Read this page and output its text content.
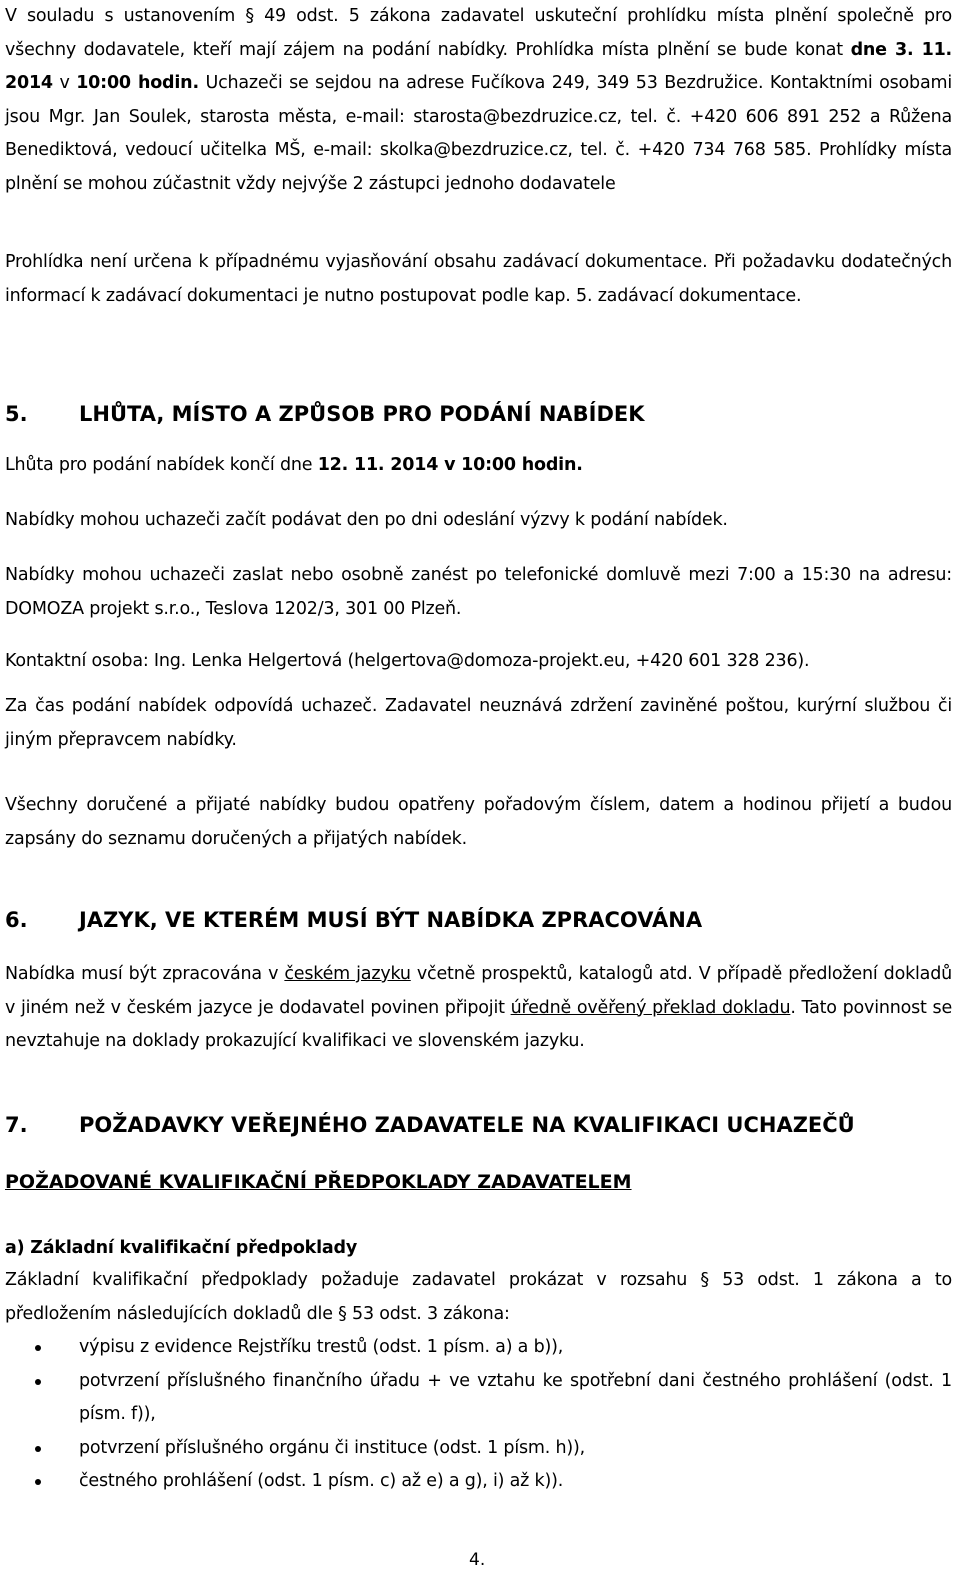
V souladu s ustanovením § 49 odst. 5 zákona zadavatel uskuteční prohlídku místa plnění společně pro všechny dodavatele, kteří mají zájem na podání nabídky. Prohlídka místa plnění se bude konat dne 3. 11. 2014 v 10:00 hodin. Uchazeči se sejdou na adrese Fučíkova 249, 349 53 Bezdružice. Kontaktními osobami jsou Mgr. Jan Soulek, starosta města, e-mail: starosta@bezdruzice.cz, tel. č. +420 606 891 252 a Růžena Benediktová, vedoucí učitelka MŠ, e-mail: skolka@bezdruzice.cz, tel. č. +420 734 768 585. Prohlídky místa plnění se mohou zúčastnit vždy nejvýše 2 zástupci jednoho dodavatele
Prohlídka není určena k případnému vyjasňování obsahu zadávací dokumentace. Při požadavku dodatečných informací k zadávací dokumentaci je nutno postupovat podle kap. 5. zadávací dokumentace.
5. LHŮTA, MÍSTO A ZPŮSOB PRO PODÁNÍ NABÍDEK
Lhůta pro podání nabídek končí dne 12. 11. 2014 v 10:00 hodin.
Nabídky mohou uchazeči začít podávat den po dni odeslání výzvy k podání nabídek.
Nabídky mohou uchazeči zaslat nebo osobně zanést po telefonické domluvě mezi 7:00 a 15:30 na adresu: DOMOZA projekt s.r.o., Teslova 1202/3, 301 00 Plzeň.
Kontaktní osoba: Ing. Lenka Helgertová (helgertova@domoza-projekt.eu, +420 601 328 236).
Za čas podání nabídek odpovídá uchazeč. Zadavatel neuznává zdržení zaviněné poštou, kurýrní službou či jiným přepravcem nabídky.
Všechny doručené a přijaté nabídky budou opatřeny pořadovým číslem, datem a hodinou přijetí a budou zapsány do seznamu doručených a přijatých nabídek.
6. JAZYK, VE KTERÉM MUSÍ BÝT NABÍDKA ZPRACOVÁNA
Nabídka musí být zpracována v českém jazyku včetně prospektů, katalogů atd. V případě předložení dokladů v jiném než v českém jazyce je dodavatel povinen připojit úředně ověřený překlad dokladu. Tato povinnost se nevztahuje na doklady prokazující kvalifikaci ve slovenském jazyku.
7. POŽADAVKY VEŘEJNÉHO ZADAVATELE NA KVALIFIKACI UCHAZEČŮ
POŽADOVANÉ KVALIFIKAČNÍ PŘEDPOKLADY ZADAVATELEM
a) Základní kvalifikační předpoklady
Základní kvalifikační předpoklady požaduje zadavatel prokázat v rozsahu § 53 odst. 1 zákona a to předložením následujících dokladů dle § 53 odst. 3 zákona:
výpisu z evidence Rejstříku trestů (odst. 1 písm. a) a b)),
potvrzení příslušného finančního úřadu + ve vztahu ke spotřební dani čestného prohlášení (odst. 1 písm. f)),
potvrzení příslušného orgánu či instituce (odst. 1 písm. h)),
čestného prohlášení (odst. 1 písm. c) až e) a g), i) až k)).
4.
